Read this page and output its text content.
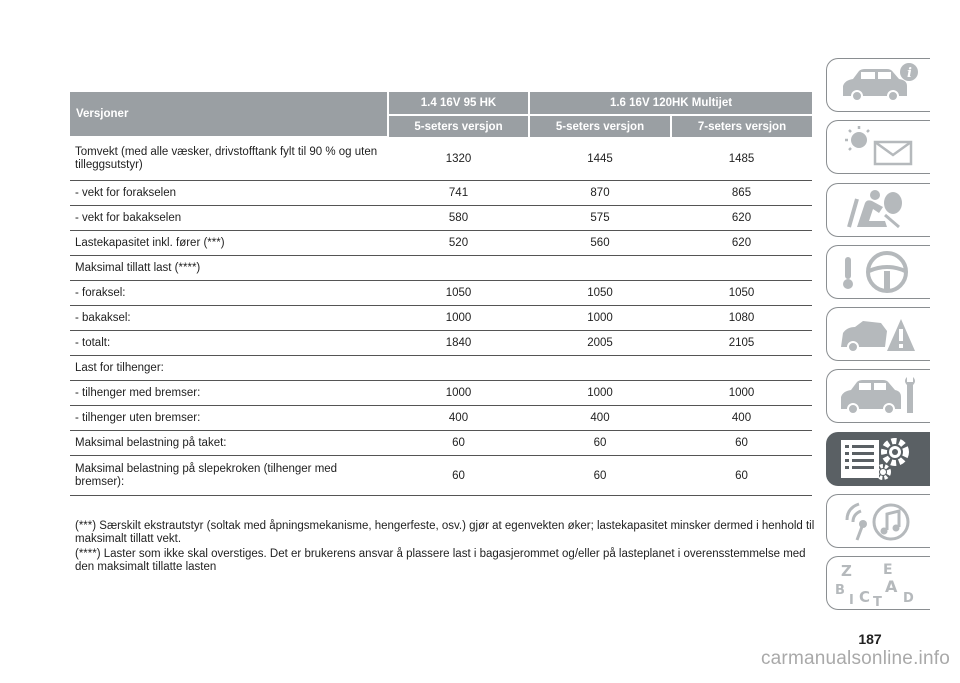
Versjoner	1.4 16V 95 HK	1.6 16V 120HK Multijet	
	5-seters versjon	5-seters versjon	7-seters versjon
Tomvekt (med alle væsker, drivstofftank fylt til 90 % og uten tilleggsutstyr)	1320	1445	1485
- vekt for forakselen	741	870	865
- vekt for bakakselen	580	575	620
Lastekapasitet inkl. fører (***)	520	560	620
Maksimal tillatt last (****)			
- foraksel:	1050	1050	1050
- bakaksel:	1000	1000	1080
- totalt:	1840	2005	2105
Last for tilhenger:			
- tilhenger med bremser:	1000	1000	1000
- tilhenger uten bremser:	400	400	400
Maksimal belastning på taket:	60	60	60
Maksimal belastning på slepekroken (tilhenger med bremser):	60	60	60

(***) Særskilt ekstrautstyr (soltak med åpningsmekanisme, hengerfeste, osv.) gjør at egenvekten øker; lastekapasitet minsker dermed i henhold til maksimalt tillatt vekt.

(****) Laster som ikke skal overstiges. Det er brukerens ansvar å plassere last i bagasjerommet og/eller på lasteplanet i overensstemmelse med den maksimalt tillatte lasten

187
i
Z E
B	A
I C	D
T
carmanualsonline.info
